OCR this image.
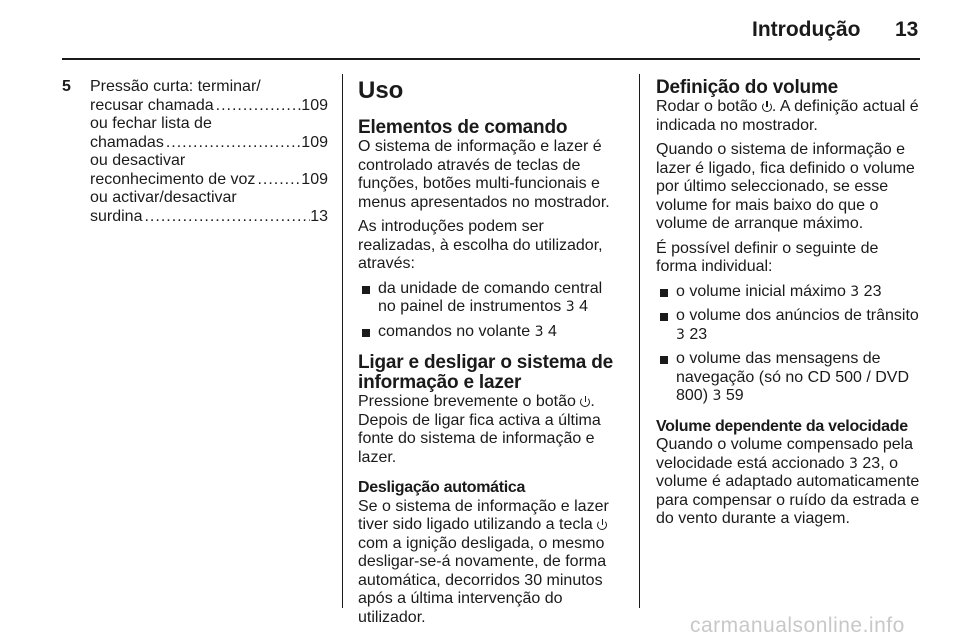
Introdução 13
5 Pressão curta: terminar/
recusar chamada .....	109
ou fechar lista de
chamadas .....	109
ou desactivar
reconhecimento de voz .....	109
ou activar/desactivar
surdina .....	13
Uso
Elementos de comando
O sistema de informação e lazer é controlado através de teclas de funções, botões multi-funcionais e menus apresentados no mostrador.
As introduções podem ser realizadas, à escolha do utilizador, através:
da unidade de comando central no painel de instrumentos 3 4
comandos no volante 3 4
Ligar e desligar o sistema de informação e lazer
Pressione brevemente o botão . Depois de ligar fica activa a última fonte do sistema de informação e lazer.
Desligação automática
Se o sistema de informação e lazer tiver sido ligado utilizando a tecla  com a ignição desligada, o mesmo desligar-se-á novamente, de forma automática, decorridos 30 minutos após a última intervenção do utilizador.
Definição do volume
Rodar o botão . A definição actual é indicada no mostrador.
Quando o sistema de informação e lazer é ligado, fica definido o volume por último seleccionado, se esse volume for mais baixo do que o volume de arranque máximo.
É possível definir o seguinte de forma individual:
o volume inicial máximo 3 23
o volume dos anúncios de trânsito 3 23
o volume das mensagens de navegação (só no CD 500 / DVD 800) 3 59
Volume dependente da velocidade
Quando o volume compensado pela velocidade está accionado 3 23, o volume é adaptado automaticamente para compensar o ruído da estrada e do vento durante a viagem.
carmanualsonline.info
